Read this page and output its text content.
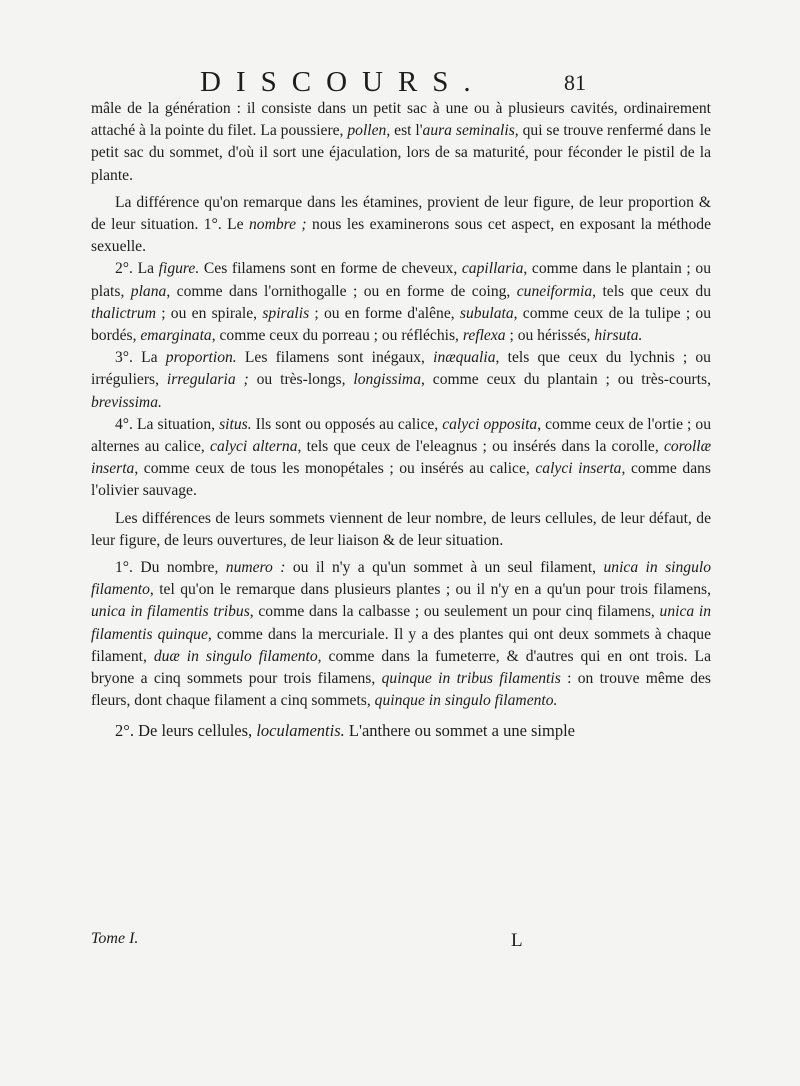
DISCOURS.	81

mâle de la génération : il consiste dans un petit sac à une ou à plusieurs cavités, ordinairement attaché à la pointe du filet. La poussiere, pollen, est l'aura seminalis, qui se trouve renfermé dans le petit sac du sommet, d'où il sort une éjaculation, lors de sa maturité, pour féconder le pistil de la plante.

La différence qu'on remarque dans les étamines, provient de leur figure, de leur proportion & de leur situation. 1°. Le nombre ; nous les examinerons sous cet aspect, en exposant la méthode sexuelle.

2°. La figure. Ces filamens sont en forme de cheveux, capillaria, comme dans le plantain ; ou plats, plana, comme dans l'ornithogalle ; ou en forme de coing, cuneiformia, tels que ceux du thalictrum ; ou en spirale, spiralis ; ou en forme d'alêne, subulata, comme ceux de la tulipe ; ou bordés, emarginata, comme ceux du porreau ; ou réfléchis, reflexa ; ou hérissés, hirsuta.

3°. La proportion. Les filamens sont inégaux, inæqualia, tels que ceux du lychnis ; ou irréguliers, irregularia ; ou très-longs, longissima, comme ceux du plantain ; ou très-courts, brevissima.

4°. La situation, situs. Ils sont ou opposés au calice, calyci opposita, comme ceux de l'ortie ; ou alternes au calice, calyci alterna, tels que ceux de l'eleagnus ; ou insérés dans la corolle, corollæ inserta, comme ceux de tous les monopétales ; ou insérés au calice, calyci inserta, comme dans l'olivier sauvage.

Les différences de leurs sommets viennent de leur nombre, de leurs cellules, de leur défaut, de leur figure, de leurs ouvertures, de leur liaison & de leur situation.

1°. Du nombre, numero : ou il n'y a qu'un sommet à un seul filament, unica in singulo filamento, tel qu'on le remarque dans plusieurs plantes ; ou il n'y en a qu'un pour trois filamens, unica in filamentis tribus, comme dans la calbasse ; ou seulement un pour cinq filamens, unica in filamentis quinque, comme dans la mercuriale. Il y a des plantes qui ont deux sommets à chaque filament, duæ in singulo filamento, comme dans la fumeterre, & d'autres qui en ont trois. La bryone a cinq sommets pour trois filamens, quinque in tribus filamentis : on trouve même des fleurs, dont chaque filament a cinq sommets, quinque in singulo filamento.

2°. De leurs cellules, loculamentis. L'anthere ou sommet a une simple

Tome I.	L
